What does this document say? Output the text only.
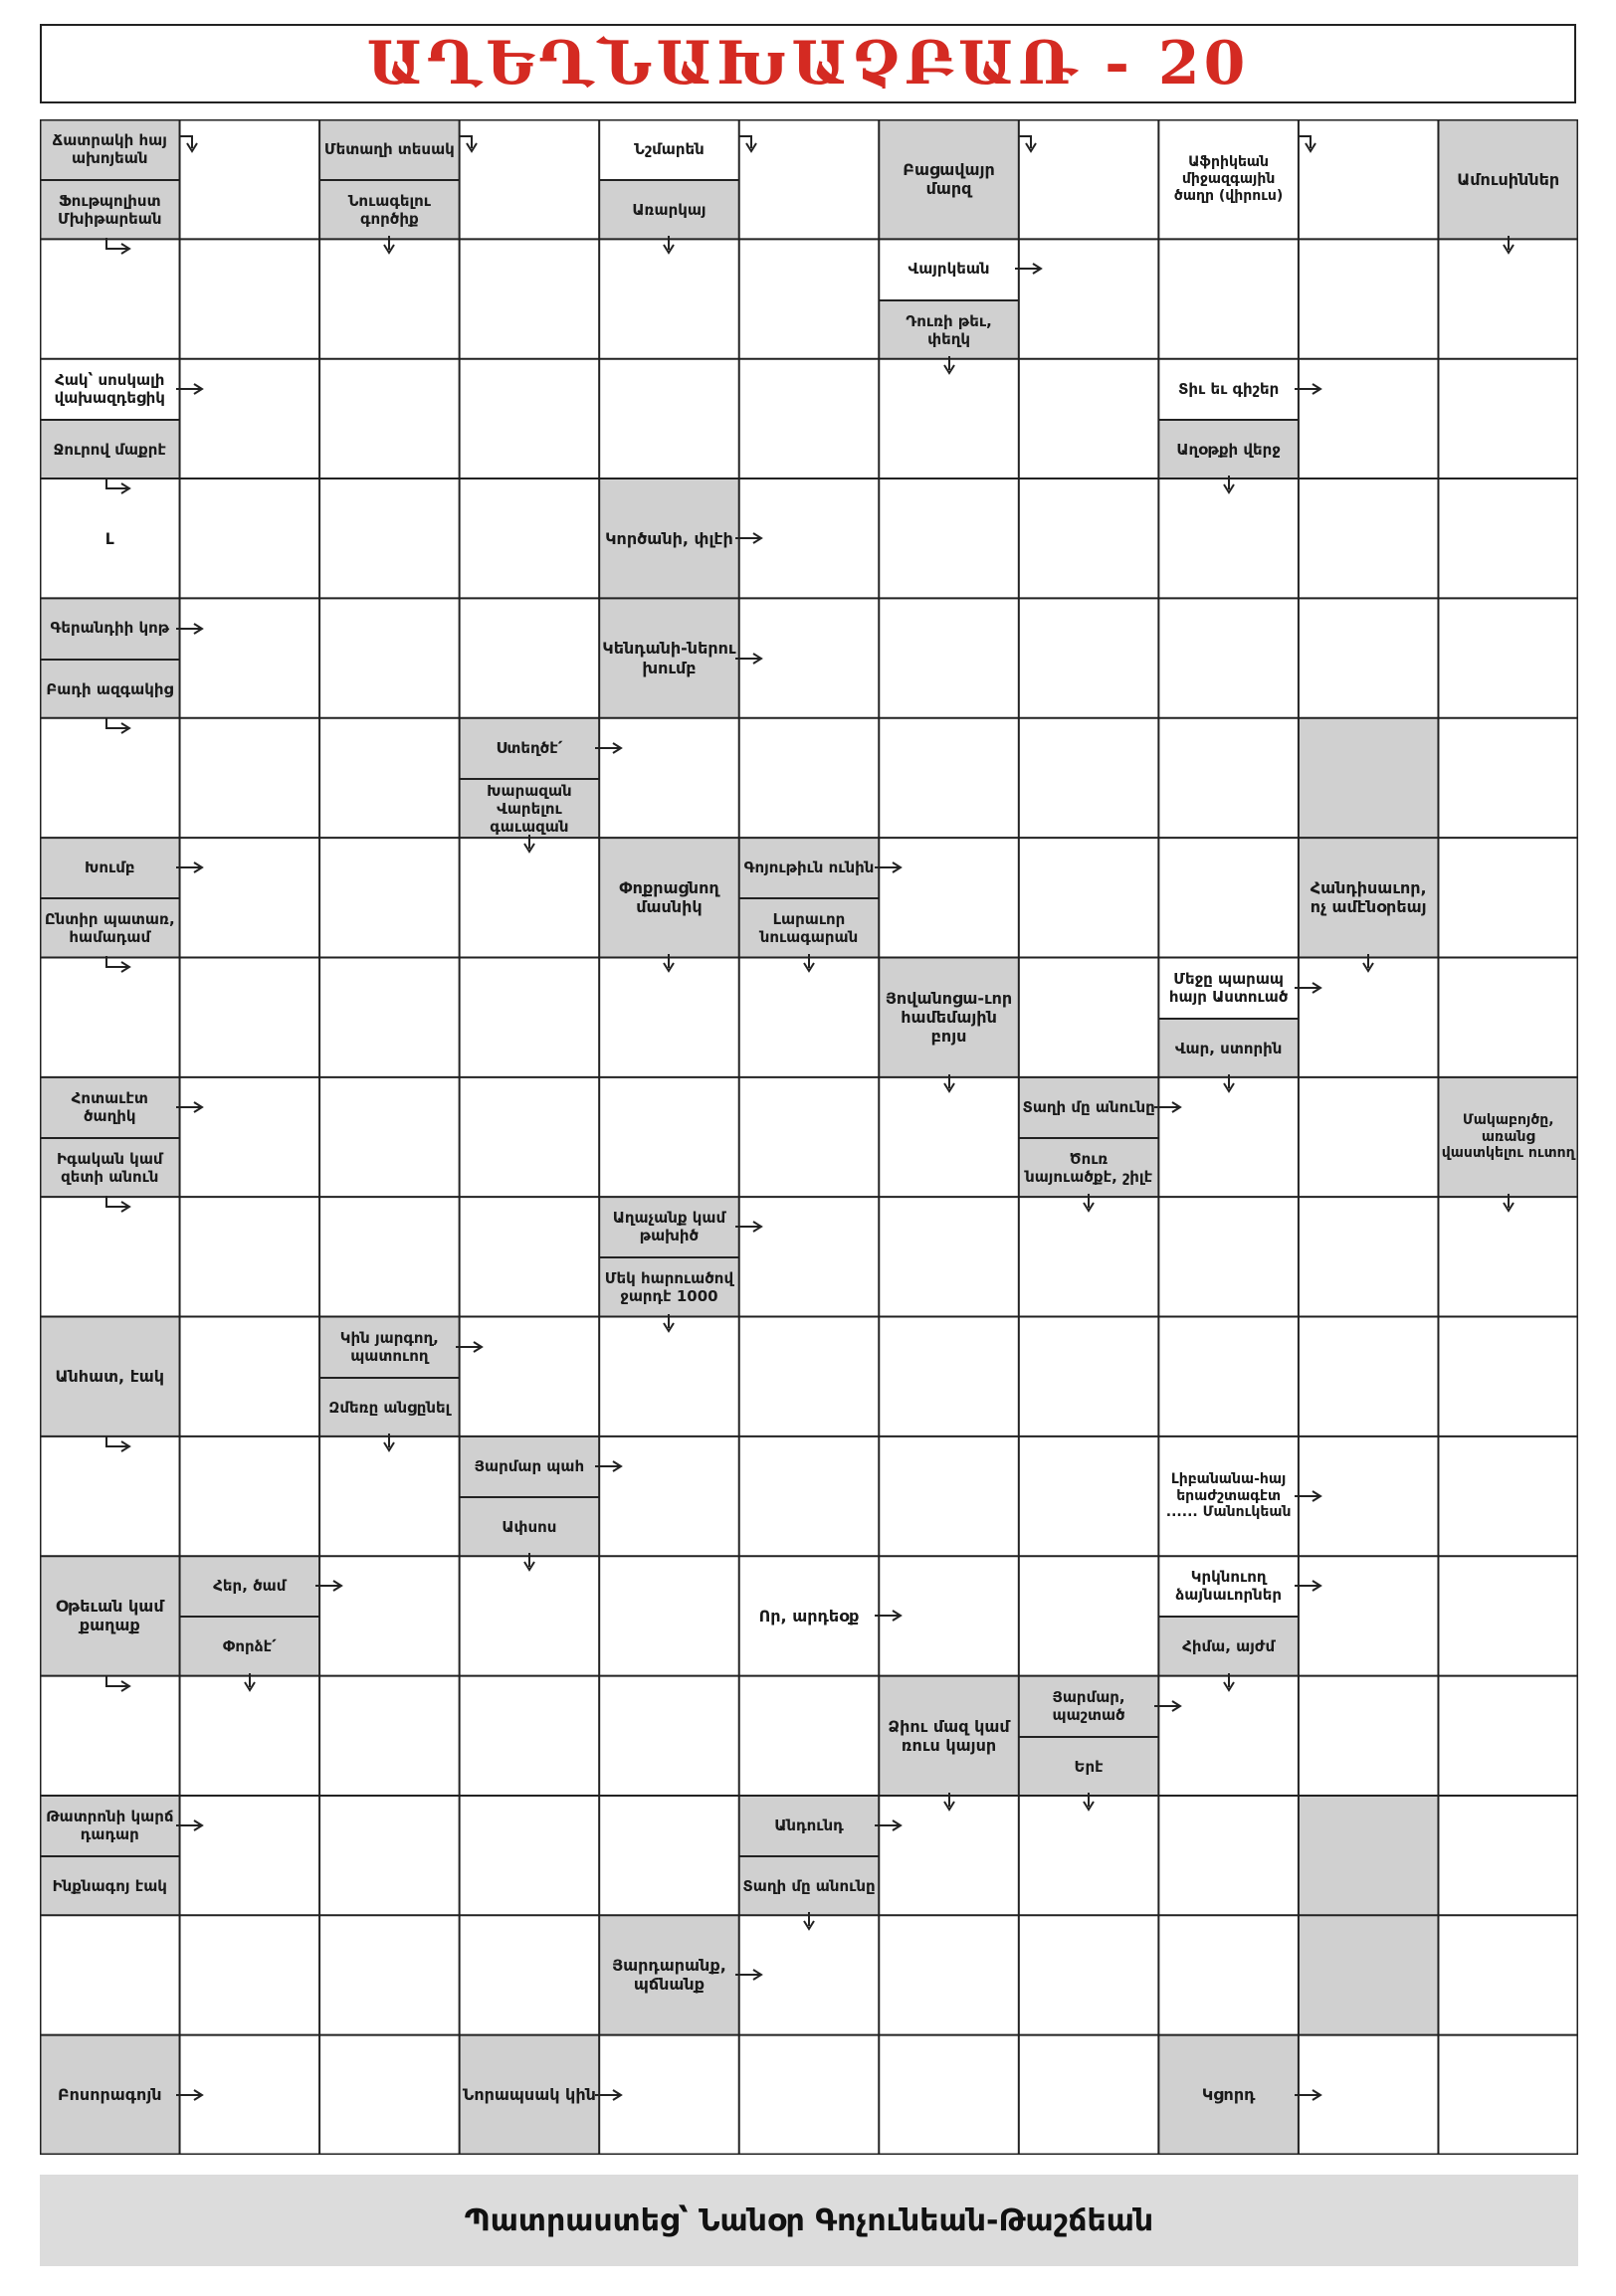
ԱՂԵՂՆԱԽԱՉԲԱՌ - 20
Ճատրակի հայ ախոյեան
Ֆութպոլիստ Մխիթարեան
Մետաղի տեսակ
Նուագելու գործիք
Նշմարեն
Առարկայ
Բացավայր մարզ
Աֆրիկեան միջազգային ծաղր (վիրուս)
Ամուսիններ
Վայրկեան
Դուռի թեւ, փեղկ
Հակ՝ սոսկալի վախազդեցիկ
Ջուրով մաքրէ
Տիւ եւ գիշեր
Աղօթքի վերջ
Լ	Կործանի, փլէի
Գերանդիի կոթ
Բադի ազգակից
Կենդանի-ներու խումբ
Ստեղծէ՛
Խարազան Վարելու գաւազան
Խումբ
Ընտիր պատառ, համադամ
Փոքրացնող մասնիկ
Գոյութիւն ունին
Լարաւոր նուագարան
Հանդիսաւոր, ոչ ամէնօրեայ
Յովանոցա-ւոր համեմային բոյս
Մեջը պարապ հայր Աստուած
Վար, ստորին
Հոտաւէտ ծաղիկ
Իգական կամ զետի անուն
Տաղի մը անունը
Ծուռ նայուածքէ, շիլէ
Մակաբոյծը, առանց վաստկելու ուտող
Աղաչանք կամ թախիծ
Մեկ հարուածով ջարդէ 1000
Անհատ, էակ
Կին յարգող, պատուող
Զմեռը անցընել
Յարմար պահ
Ափսոս
Լիբանանա-հայ երաժշտագէտ ...... Մանուկեան
Օթեւան կամ քաղաք
Հեր, ծամ
Փորձէ՛
Որ, արդեօք
Կրկնուող ձայնաւորներ
Հիմա, այժմ
Ձիու մազ կամ ռուս կայսր
Յարմար, պաշտած
Երէ
Թատրոնի կարճ դադար
Ինքնագոյ էակ
Անդունդ
Տաղի մը անունը
Յարդարանք, պճնանք
Բոսորագոյն	Նորապսակ կին	Կցորդ
Պատրաստեց՝ Նանօր Գոչունեան-Թաշճեան
